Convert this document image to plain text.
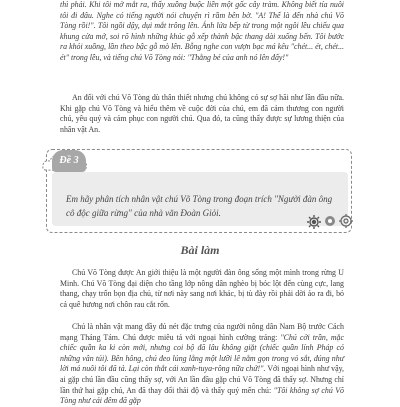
thì phải. Khi tôi mở mắt ra, thấy xuồng buộc liền một gốc cây tràm. Không biết tía nuôi tôi đi đâu. Nghe có tiếng người nói chuyện rì rầm bên bờ. "A! Thế là đến nhà chú Võ Tòng rồi!". Tôi ngồi dậy, dụi mắt trông lên. Ánh lửa bếp từ trong một ngôi lều chiếu qua khung cửa mở, soi rõ hình những khúc gỗ xếp thành bậc thang dài xuống bến. Tôi bước ra khỏi xuồng, lần theo bậc gỗ mò lên. Bỗng nghe con vượn bạc má kêu "chét... ét, chét... ét" trong lều, và tiếng chú Võ Tòng nói: "Thằng bé của anh nó lên đấy!"

An đối với chú Võ Tòng dù thân thiết nhưng chú không có sự sợ hãi như lần đầu nữa. Khi gặp chú Võ Tòng và hiểu thêm về cuộc đời của chú, em đã cảm thương con người chú, yêu quý và cảm phục con người chú. Qua đó, ta cũng thấy được sự lương thiện của nhân vật An.

Đề 3

Em hãy phân tích nhân vật chú Võ Tòng trong đoạn trích "Người đàn ông cô độc giữa rừng" của nhà văn Đoàn Giỏi.

Bài làm

Chú Võ Tòng được An giới thiệu là một người đàn ông sống một mình trong rừng U Minh. Chú Võ Tòng đại diện cho tầng lớp nông dân nghèo bị bóc lột đến cùng cực, lang thang, chạy trốn bọn địa chủ, từ nơi này sang nơi khác, bị tù đày rồi phải dời ảo ra đi, bỏ cả quê hương nơi chôn rau cắt rốn.

Chú là nhân vật mang đầy đủ nét đặc trưng của người nông dân Nam Bộ trước Cách mạng Tháng Tám. Chú được miêu tả với ngoại hình cường tráng: "Chú cởi trần, mặc chiếc quần ka ki còn mới, nhưng coi bộ đã lâu không giặt (chiếc quần lính Pháp có những vân túi). Bên hông, chú đeo lủng lẳng một lưỡi lê nằm gọn trong vỏ sắt, đúng như lời má nuôi tôi đã tả. Lại còn thắt cái xanh-tuya-rông nữa chứ!". Với ngoại hình như vậy, ai gặp chú lần đầu cũng thấy sợ, với An lần đầu gặp chú Võ Tòng đã thấy sợ. Nhưng chỉ lần thứ hai gặp chú, An đã thay đổi thái độ và thấy quý mến chú: "Tôi không sợ chú Võ Tòng như cái đêm đã gặp
